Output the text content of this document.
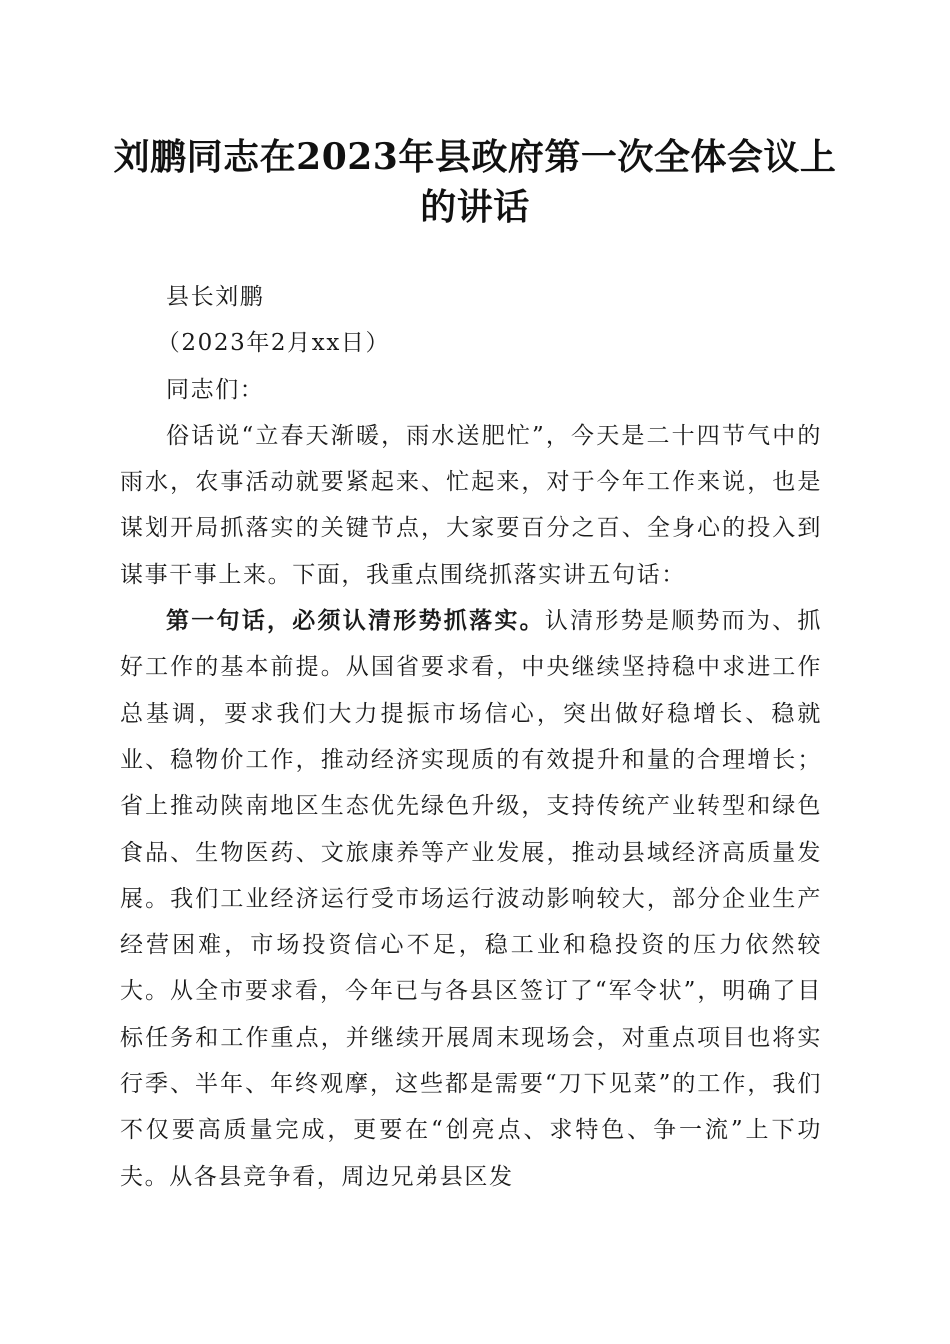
刘鹏同志在2023年县政府第一次全体会议上的讲话

县长刘鹏

（2023年2月xx日）

同志们：

俗话说“立春天渐暖，雨水送肥忙”，今天是二十四节气中的雨水，农事活动就要紧起来、忙起来，对于今年工作来说，也是谋划开局抓落实的关键节点，大家要百分之百、全身心的投入到谋事干事上来。下面，我重点围绕抓落实讲五句话：

第一句话，必须认清形势抓落实。认清形势是顺势而为、抓好工作的基本前提。从国省要求看，中央继续坚持稳中求进工作总基调，要求我们大力提振市场信心，突出做好稳增长、稳就业、稳物价工作，推动经济实现质的有效提升和量的合理增长；省上推动陕南地区生态优先绿色升级，支持传统产业转型和绿色食品、生物医药、文旅康养等产业发展，推动县域经济高质量发展。我们工业经济运行受市场运行波动影响较大，部分企业生产经营困难，市场投资信心不足，稳工业和稳投资的压力依然较大。从全市要求看，今年已与各县区签订了“军令状”，明确了目标任务和工作重点，并继续开展周末现场会，对重点项目也将实行季、半年、年终观摩，这些都是需要“刀下见菜”的工作，我们不仅要高质量完成，更要在“创亮点、求特色、争一流”上下功夫。从各县竞争看，周边兄弟县区发
